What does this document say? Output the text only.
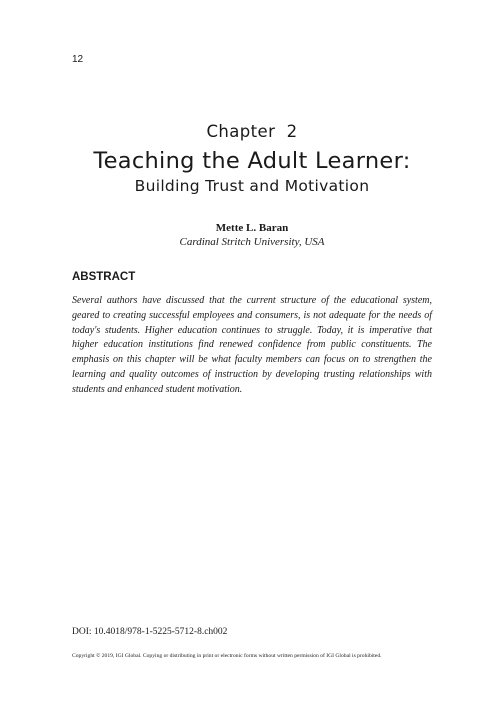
12
Chapter  2
Teaching the Adult Learner:
Building Trust and Motivation
Mette L. Baran
Cardinal Stritch University, USA
ABSTRACT

Several authors have discussed that the current structure of the educational system, geared to creating successful employees and consumers, is not adequate for the needs of today's students. Higher education continues to struggle. Today, it is imperative that higher education institutions find renewed confidence from public constituents. The emphasis on this chapter will be what faculty members can focus on to strengthen the learning and quality outcomes of instruction by developing trusting relationships with students and enhanced student motivation.

DOI: 10.4018/978-1-5225-5712-8.ch002
Copyright © 2019, IGI Global. Copying or distributing in print or electronic forms without written permission of IGI Global is prohibited.
